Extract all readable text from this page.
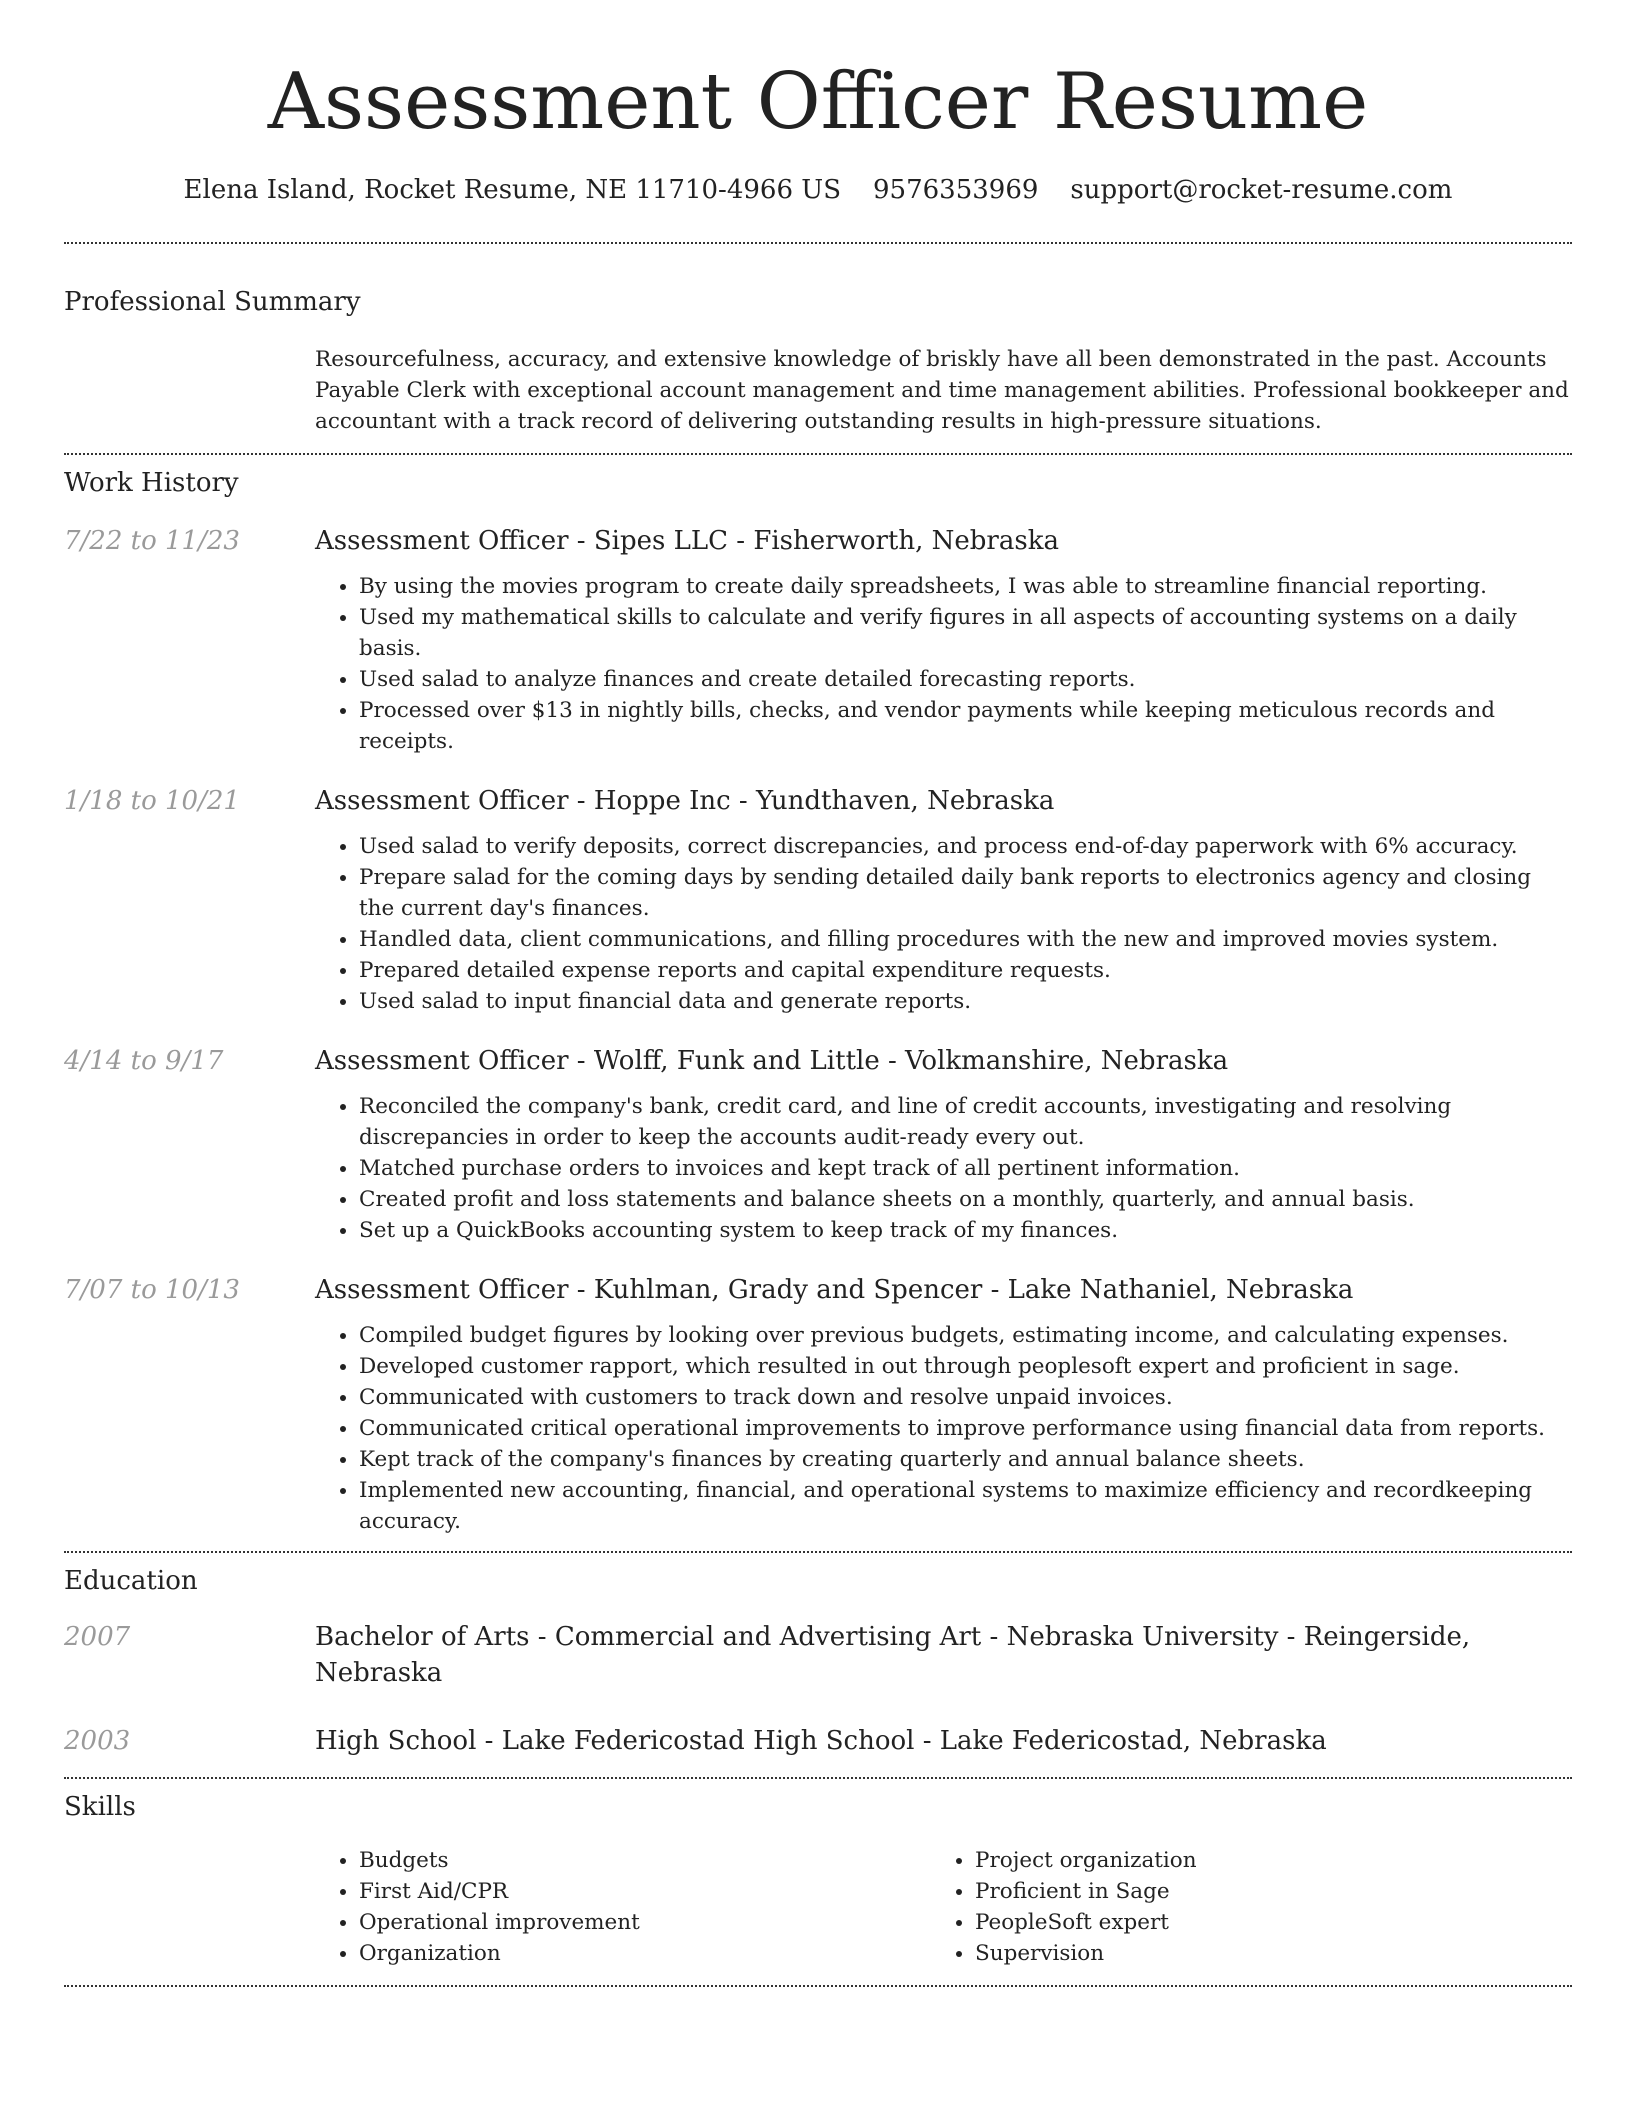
Assessment Officer Resume
Elena Island, Rocket Resume, NE 11710-4966 US 9576353969 support@rocket-resume.com
Professional Summary

Resourcefulness, accuracy, and extensive knowledge of briskly have all been demonstrated in the past. Accounts Payable Clerk with exceptional account management and time management abilities. Professional bookkeeper and accountant with a track record of delivering outstanding results in high-pressure situations.

Work History
7/22 to 11/23	Assessment Officer - Sipes LLC - Fisherworth, Nebraska
• By using the movies program to create daily spreadsheets, I was able to streamline financial reporting.
• Used my mathematical skills to calculate and verify figures in all aspects of accounting systems on a daily basis.
• Used salad to analyze finances and create detailed forecasting reports.
• Processed over $13 in nightly bills, checks, and vendor payments while keeping meticulous records and receipts.
1/18 to 10/21	Assessment Officer - Hoppe Inc - Yundthaven, Nebraska
• Used salad to verify deposits, correct discrepancies, and process end-of-day paperwork with 6% accuracy.
• Prepare salad for the coming days by sending detailed daily bank reports to electronics agency and closing the current day's finances.
• Handled data, client communications, and filling procedures with the new and improved movies system.
• Prepared detailed expense reports and capital expenditure requests.
• Used salad to input financial data and generate reports.
4/14 to 9/17	Assessment Officer - Wolff, Funk and Little - Volkmanshire, Nebraska
• Reconciled the company's bank, credit card, and line of credit accounts, investigating and resolving discrepancies in order to keep the accounts audit-ready every out.
• Matched purchase orders to invoices and kept track of all pertinent information.
• Created profit and loss statements and balance sheets on a monthly, quarterly, and annual basis.
• Set up a QuickBooks accounting system to keep track of my finances.
7/07 to 10/13	Assessment Officer - Kuhlman, Grady and Spencer - Lake Nathaniel, Nebraska
• Compiled budget figures by looking over previous budgets, estimating income, and calculating expenses.
• Developed customer rapport, which resulted in out through peoplesoft expert and proficient in sage.
• Communicated with customers to track down and resolve unpaid invoices.
• Communicated critical operational improvements to improve performance using financial data from reports.
• Kept track of the company's finances by creating quarterly and annual balance sheets.
• Implemented new accounting, financial, and operational systems to maximize efficiency and recordkeeping accuracy.
Education
2007	Bachelor of Arts - Commercial and Advertising Art - Nebraska University - Reingerside, Nebraska
2003	High School - Lake Federicostad High School - Lake Federicostad, Nebraska
Skills
• Budgets
• First Aid/CPR
• Operational improvement
• Organization
• Project organization
• Proficient in Sage
• PeopleSoft expert
• Supervision
